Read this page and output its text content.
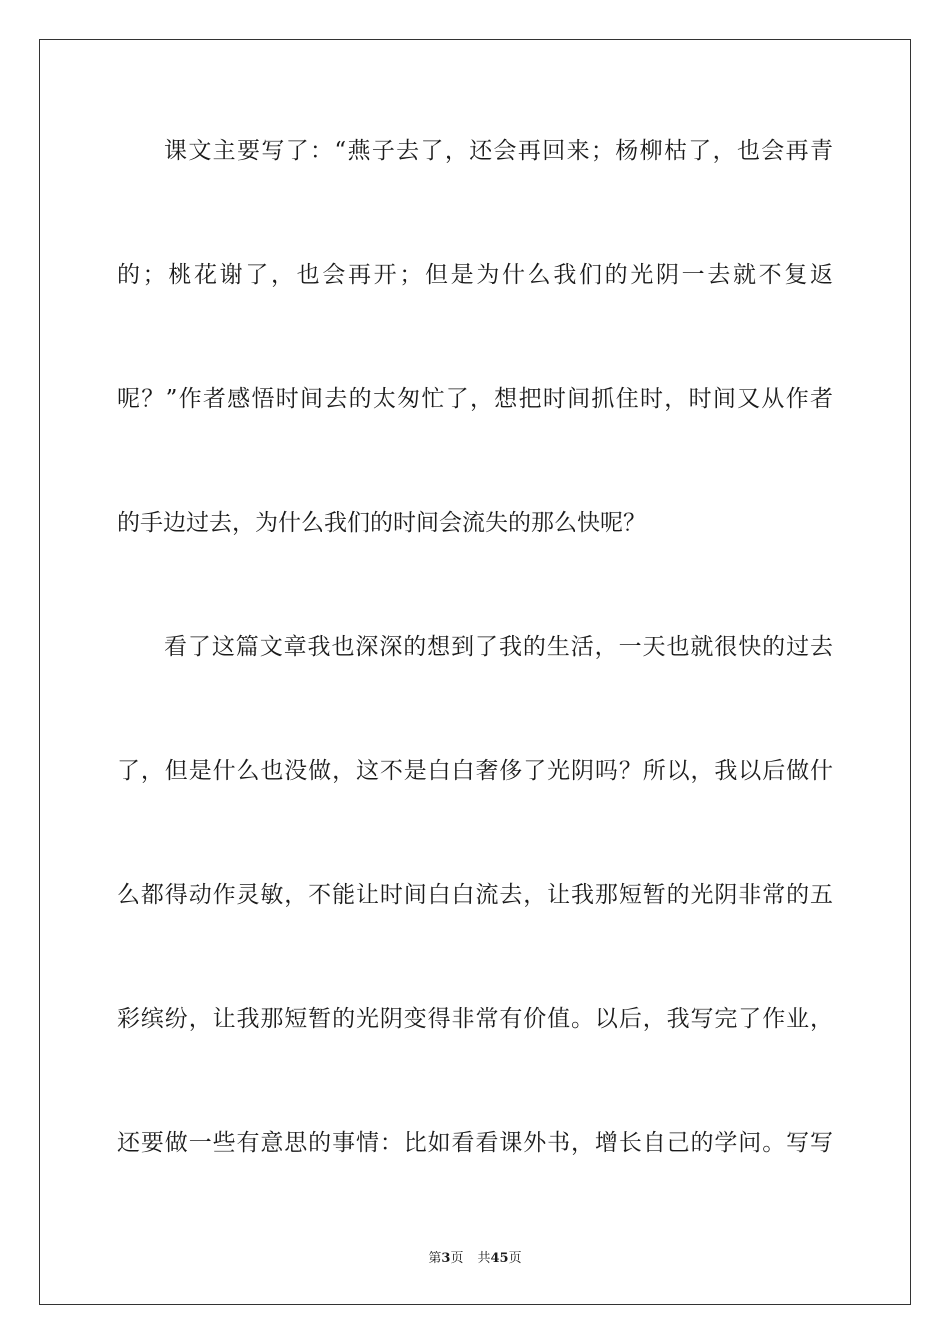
课文主要写了：“燕子去了，还会再回来；杨柳枯了，也会再青
的；桃花谢了，也会再开；但是为什么我们的光阴一去就不复返
呢？”作者感悟时间去的太匆忙了，想把时间抓住时，时间又从作者
的手边过去，为什么我们的时间会流失的那么快呢？
看了这篇文章我也深深的想到了我的生活，一天也就很快的过去
了，但是什么也没做，这不是白白奢侈了光阴吗？所以，我以后做什
么都得动作灵敏，不能让时间白白流去，让我那短暂的光阴非常的五
彩缤纷，让我那短暂的光阴变得非常有价值。以后，我写完了作业，
还要做一些有意思的事情：比如看看课外书，增长自己的学问。写写
第3页 共45页
